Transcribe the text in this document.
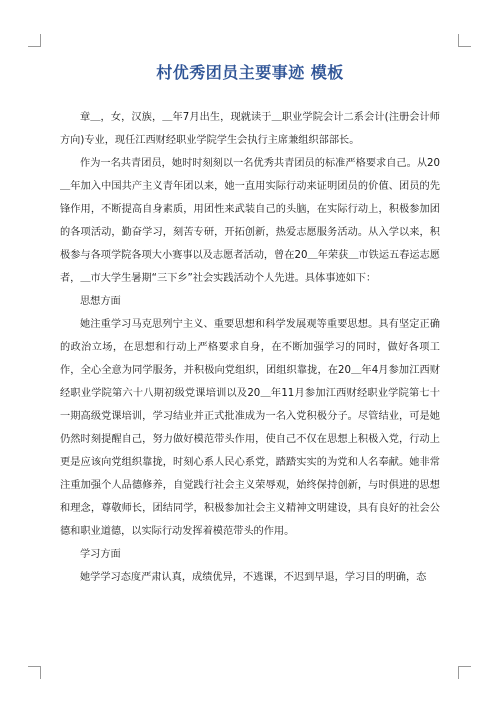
村优秀团员主要事迹 模板

章＿，女，汉族，＿年7月出生，现就读于＿职业学院会计二系会计(注册会计师方向)专业，现任江西财经职业学院学生会执行主席兼组织部部长。

作为一名共青团员，她时时刻刻以一名优秀共青团员的标准严格要求自己。从20＿年加入中国共产主义青年团以来，她一直用实际行动来证明团员的价值、团员的先锋作用，不断提高自身素质，用团性来武装自己的头脑，在实际行动上，积极参加团的各项活动，勤奋学习，刻苦专研，开拓创新，热爱志愿服务活动。从入学以来，积极参与各项学院各项大小赛事以及志愿者活动，曾在20＿年荣获＿市铁运五春运志愿者，＿市大学生暑期“三下乡”社会实践活动个人先进。具体事迹如下：

思想方面

她注重学习马克思列宁主义、重要思想和科学发展观等重要思想。具有坚定正确的政治立场，在思想和行动上严格要求自身，在不断加强学习的同时，做好各项工作，全心全意为同学服务，并积极向党组织，团组织靠拢，在20＿年4月参加江西财经职业学院第六十八期初级党课培训以及20＿年11月参加江西财经职业学院第七十一期高级党课培训，学习结业并正式批准成为一名入党积极分子。尽管结业，可是她仍然时刻提醒自己，努力做好模范带头作用，使自己不仅在思想上积极入党，行动上更是应该向党组织靠拢，时刻心系人民心系党，踏踏实实的为党和人名奉献。她非常注重加强个人品德修养，自觉践行社会主义荣辱观，始终保持创新，与时俱进的思想和理念，尊敬师长，团结同学，积极参加社会主义精神文明建设，具有良好的社会公德和职业道德，以实际行动发挥着模范带头的作用。

学习方面

她学学习态度严肃认真，成绩优异，不逃课，不迟到早退，学习目的明确，态
